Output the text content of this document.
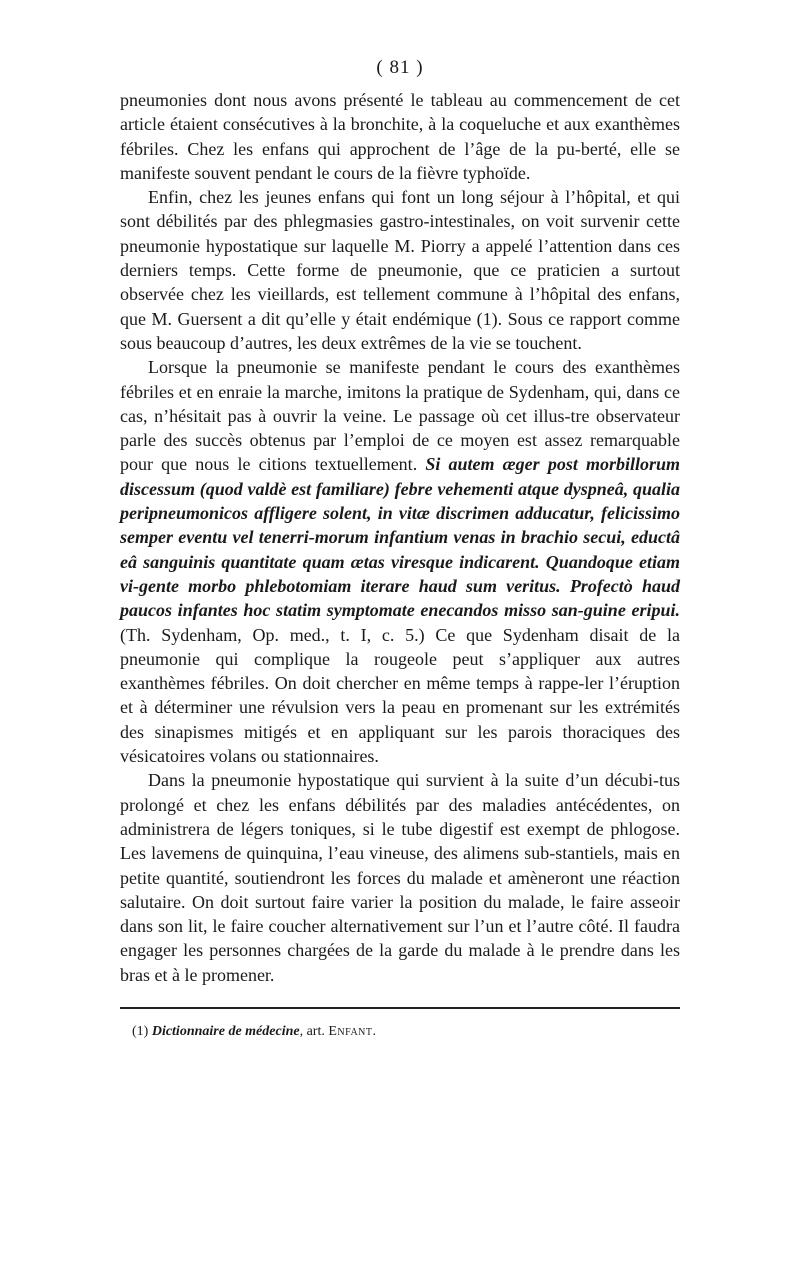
( 81 )

pneumonies dont nous avons présenté le tableau au commencement de cet article étaient consécutives à la bronchite, à la coqueluche et aux exanthèmes fébriles. Chez les enfans qui approchent de l’âge de la pu-berté, elle se manifeste souvent pendant le cours de la fièvre typhoïde.

Enfin, chez les jeunes enfans qui font un long séjour à l’hôpital, et qui sont débilités par des phlegmasies gastro-intestinales, on voit survenir cette pneumonie hypostatique sur laquelle M. Piorry a appelé l’attention dans ces derniers temps. Cette forme de pneumonie, que ce praticien a surtout observée chez les vieillards, est tellement commune à l’hôpital des enfans, que M. Guersent a dit qu’elle y était endémique (1). Sous ce rapport comme sous beaucoup d’autres, les deux extrêmes de la vie se touchent.

Lorsque la pneumonie se manifeste pendant le cours des exanthèmes fébriles et en enraie la marche, imitons la pratique de Sydenham, qui, dans ce cas, n’hésitait pas à ouvrir la veine. Le passage où cet illus-tre observateur parle des succès obtenus par l’emploi de ce moyen est assez remarquable pour que nous le citions textuellement. Si autem æger post morbillorum discessum (quod valdè est familiare) febre vehementi atque dyspneâ, qualia peripneumonicos affligere solent, in vitæ discrimen adducatur, felicissimo semper eventu vel tenerri-morum infantium venas in brachio secui, eductâ eâ sanguinis quantitate quam ætas viresque indicarent. Quandoque etiam vi-gente morbo phlebotomiam iterare haud sum veritus. Profectò haud paucos infantes hoc statim symptomate enecandos misso san-guine eripui. (Th. Sydenham, Op. med., t. I, c. 5.) Ce que Sydenham disait de la pneumonie qui complique la rougeole peut s’appliquer aux autres exanthèmes fébriles. On doit chercher en même temps à rappe-ler l’éruption et à déterminer une révulsion vers la peau en promenant sur les extrémités des sinapismes mitigés et en appliquant sur les parois thoraciques des vésicatoires volans ou stationnaires.

Dans la pneumonie hypostatique qui survient à la suite d’un décubi-tus prolongé et chez les enfans débilités par des maladies antécédentes, on administrera de légers toniques, si le tube digestif est exempt de phlogose. Les lavemens de quinquina, l’eau vineuse, des alimens sub-stantiels, mais en petite quantité, soutiendront les forces du malade et amèneront une réaction salutaire. On doit surtout faire varier la position du malade, le faire asseoir dans son lit, le faire coucher alternativement sur l’un et l’autre côté. Il faudra engager les personnes chargées de la garde du malade à le prendre dans les bras et à le promener.

(1) Dictionnaire de médecine, art. Enfant.
